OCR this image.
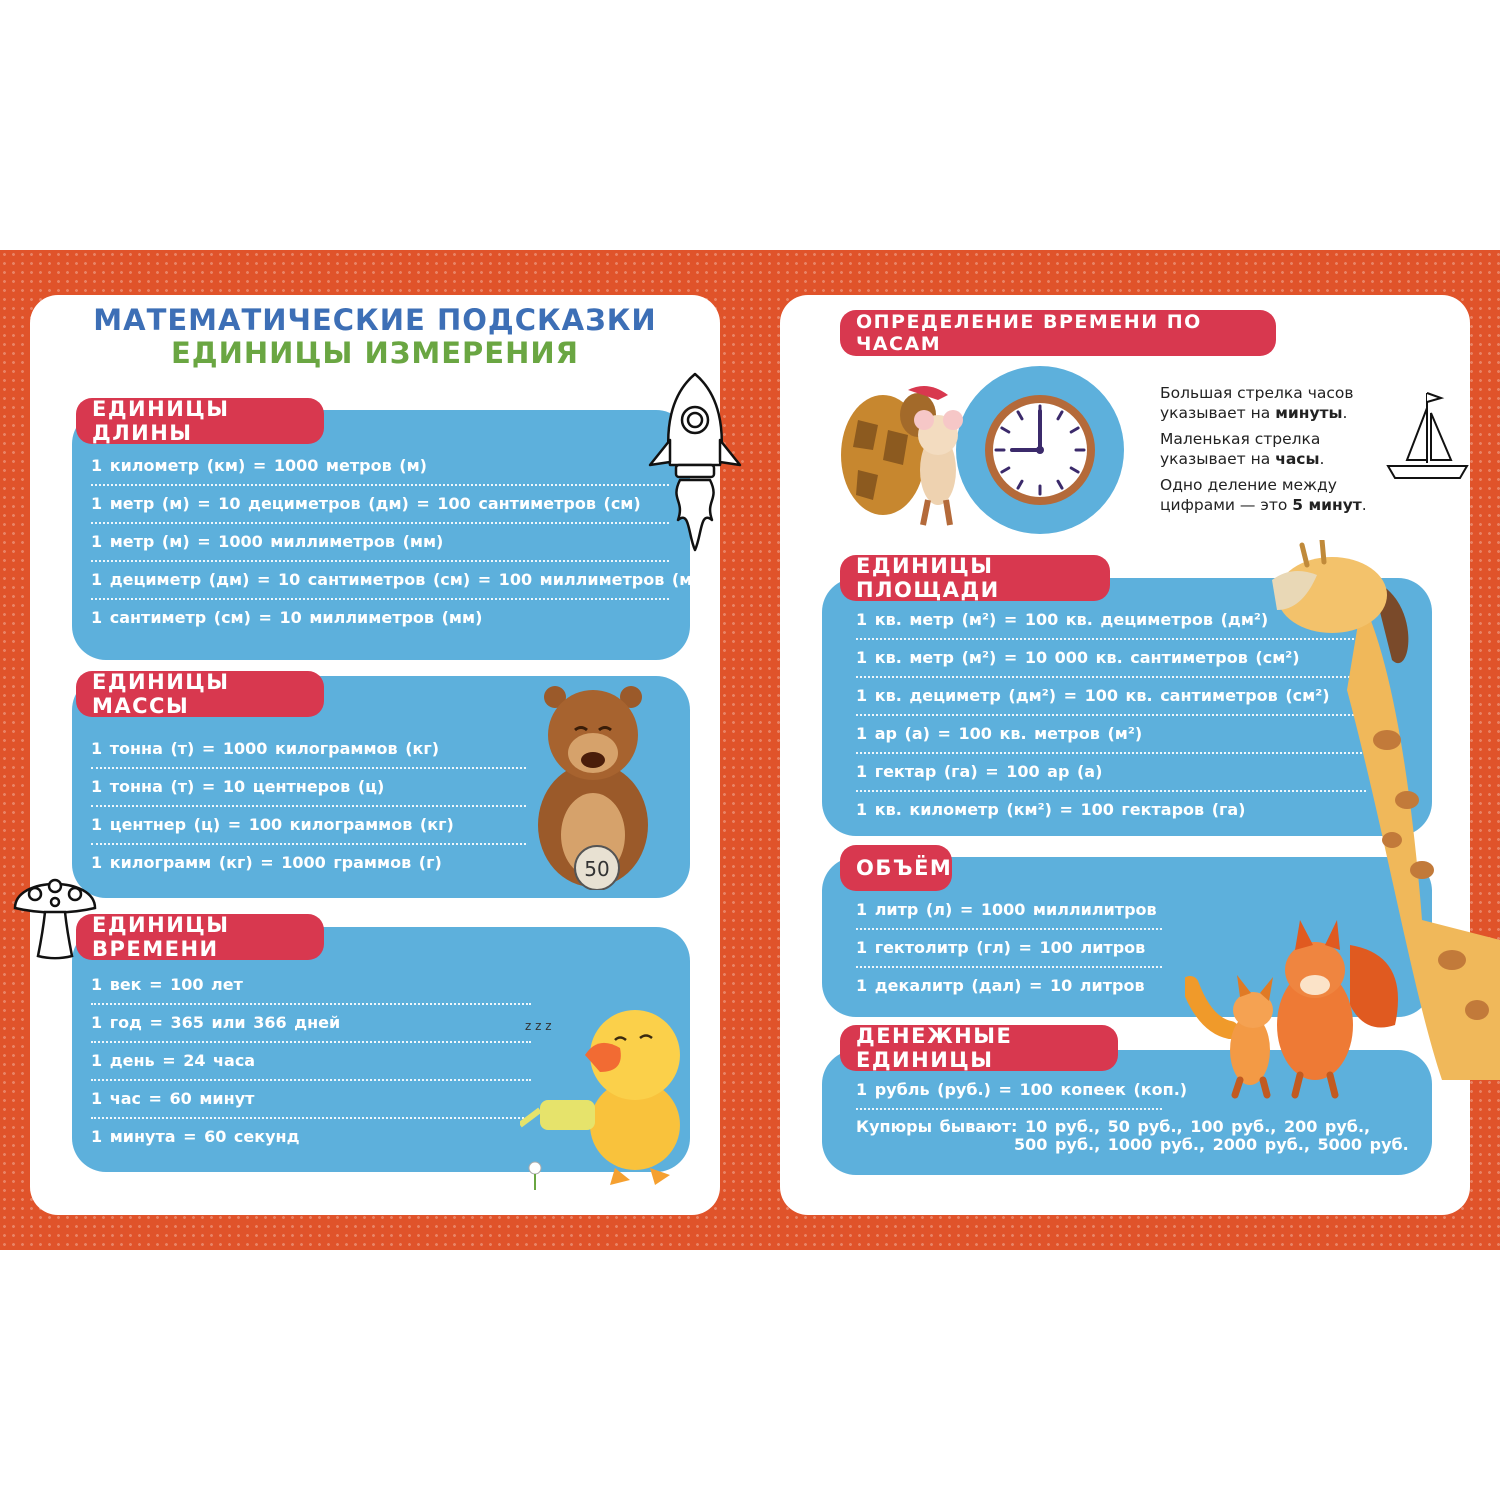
МАТЕМАТИЧЕСКИЕ ПОДСКАЗКИ
ЕДИНИЦЫ ИЗМЕРЕНИЯ
ЕДИНИЦЫ ДЛИНЫ
1 километр (км) = 1000 метров (м)
1 метр (м) = 10 дециметров (дм) = 100 сантиметров (см)
1 метр (м) = 1000 миллиметров (мм)
1 дециметр (дм) = 10 сантиметров (см) = 100 миллиметров (мм)
1 сантиметр (см) = 10 миллиметров (мм)
ЕДИНИЦЫ МАССЫ
1 тонна (т) = 1000 килограммов (кг)
1 тонна (т) = 10 центнеров (ц)
1 центнер (ц) = 100 килограммов (кг)
1 килограмм (кг) = 1000 граммов (г)
ЕДИНИЦЫ ВРЕМЕНИ
1 век = 100 лет
1 год = 365 или 366 дней
1 день = 24 часа
1 час = 60 минут
1 минута = 60 секунд
ОПРЕДЕЛЕНИЕ ВРЕМЕНИ ПО ЧАСАМ

Большая стрелка часов указывает на минуты.

Маленькая стрелка указывает на часы.

Одно деление между цифрами — это 5 минут.

ЕДИНИЦЫ ПЛОЩАДИ
1 кв. метр (м²) = 100 кв. дециметров (дм²)
1 кв. метр (м²) = 10 000 кв. сантиметров (см²)
1 кв. дециметр (дм²) = 100 кв. сантиметров (см²)
1 ар (а) = 100 кв. метров (м²)
1 гектар (га) = 100 ар (а)
1 кв. километр (км²) = 100 гектаров (га)
ОБЪЁМ
1 литр (л) = 1000 миллилитров
1 гектолитр (гл) = 100 литров
1 декалитр (дал) = 10 литров
ДЕНЕЖНЫЕ ЕДИНИЦЫ
1 рубль (руб.) = 100 копеек (коп.)
Купюры бывают: 10 руб., 50 руб., 100 руб., 200 руб.,
500 руб., 1000 руб., 2000 руб., 5000 руб.
50
z z z
